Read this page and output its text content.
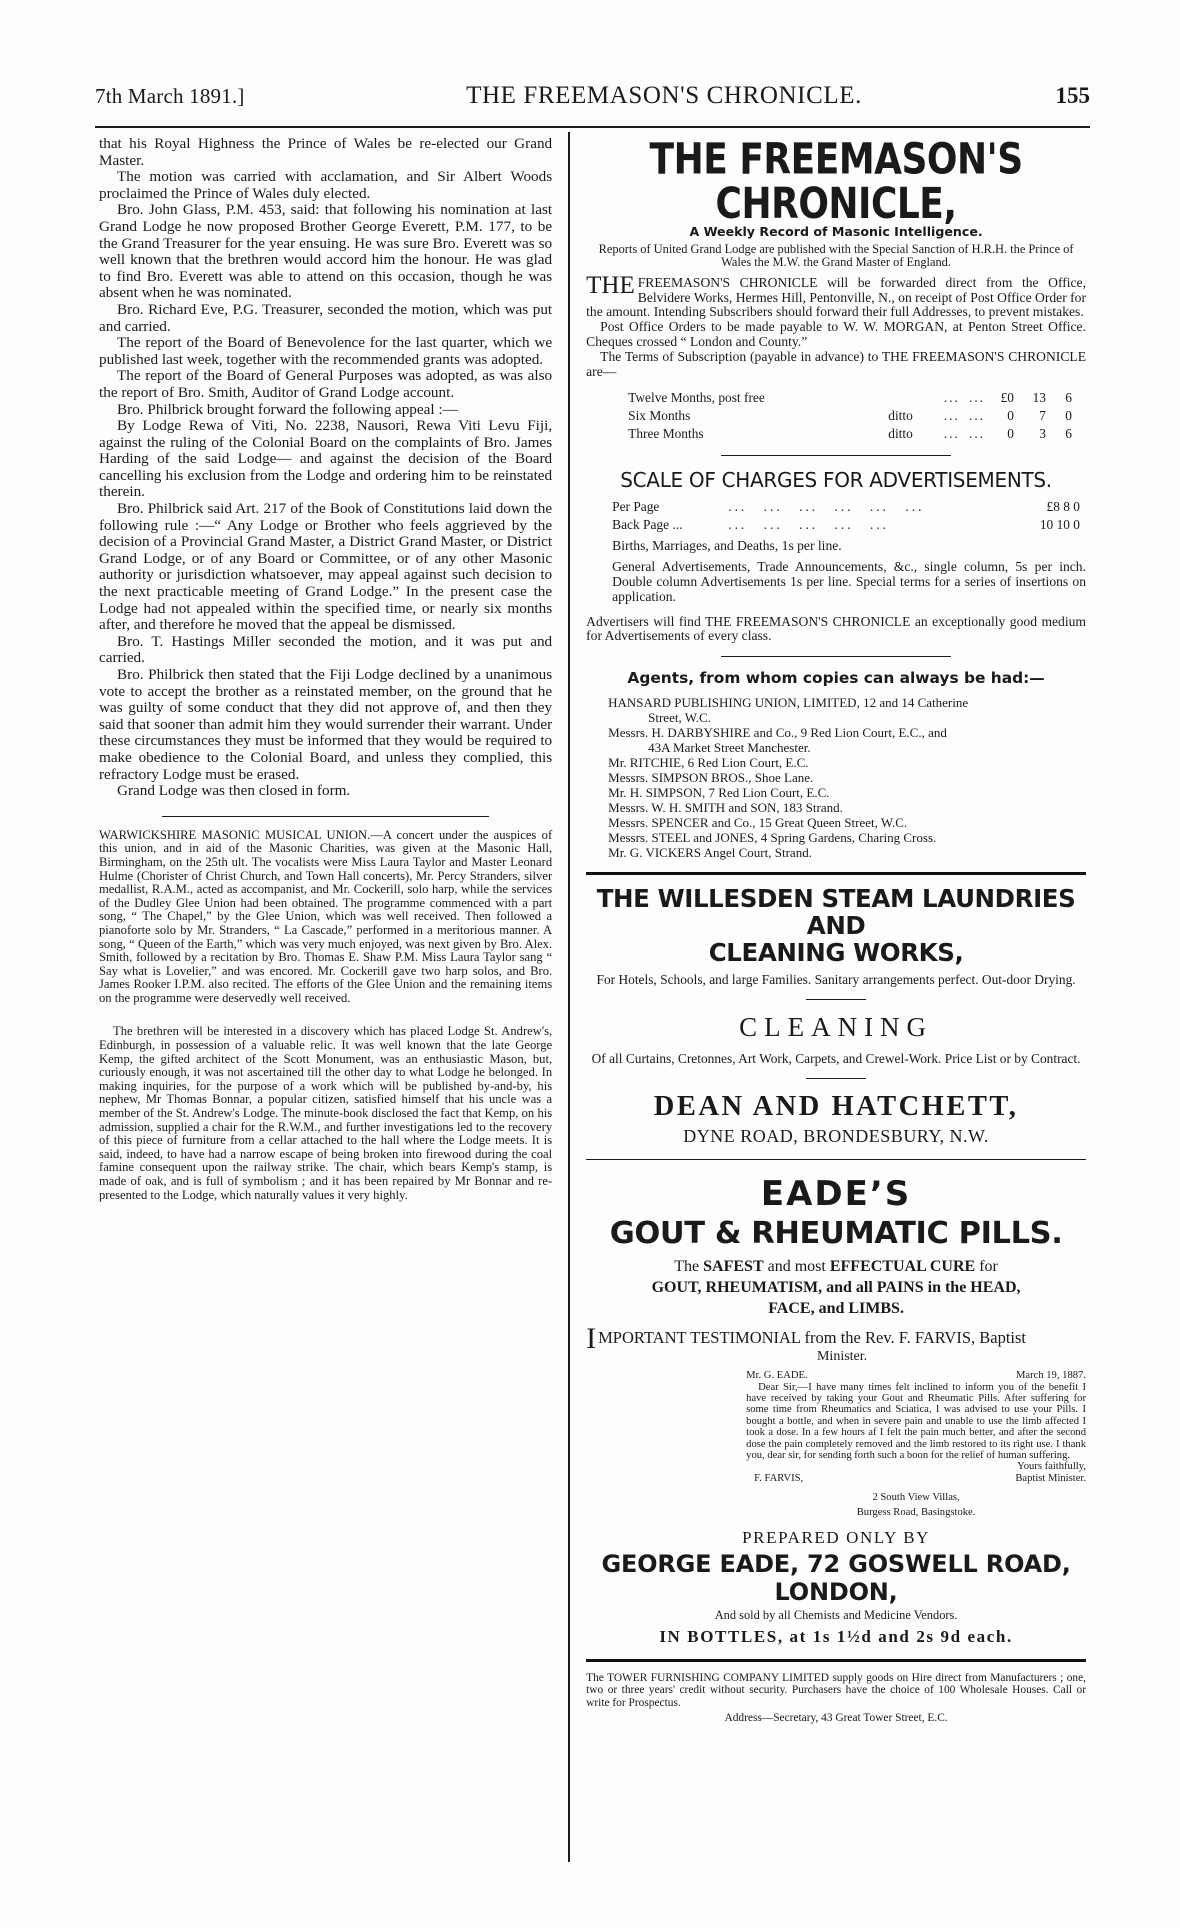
7th March 1891.]	THE FREEMASON'S CHRONICLE.	155

that his Royal Highness the Prince of Wales be re-elected our Grand Master.

The motion was carried with acclamation, and Sir Albert Woods proclaimed the Prince of Wales duly elected.

Bro. John Glass, P.M. 453, said: that following his nomination at last Grand Lodge he now proposed Brother George Everett, P.M. 177, to be the Grand Treasurer for the year ensuing. He was sure Bro. Everett was so well known that the brethren would accord him the honour. He was glad to find Bro. Everett was able to attend on this occasion, though he was absent when he was nominated.

Bro. Richard Eve, P.G. Treasurer, seconded the motion, which was put and carried.

The report of the Board of Benevolence for the last quarter, which we published last week, together with the recommended grants was adopted.

The report of the Board of General Purposes was adopted, as was also the report of Bro. Smith, Auditor of Grand Lodge account.

Bro. Philbrick brought forward the following appeal :—

By Lodge Rewa of Viti, No. 2238, Nausori, Rewa Viti Levu Fiji, against the ruling of the Colonial Board on the complaints of Bro. James Harding of the said Lodge— and against the decision of the Board cancelling his exclusion from the Lodge and ordering him to be reinstated therein.

Bro. Philbrick said Art. 217 of the Book of Constitutions laid down the following rule :—“ Any Lodge or Brother who feels aggrieved by the decision of a Provincial Grand Master, a District Grand Master, or District Grand Lodge, or of any Board or Committee, or of any other Masonic authority or jurisdiction whatsoever, may appeal against such decision to the next practicable meeting of Grand Lodge.” In the present case the Lodge had not appealed within the specified time, or nearly six months after, and therefore he moved that the appeal be dismissed.

Bro. T. Hastings Miller seconded the motion, and it was put and carried.

Bro. Philbrick then stated that the Fiji Lodge declined by a unanimous vote to accept the brother as a reinstated member, on the ground that he was guilty of some conduct that they did not approve of, and then they said that sooner than admit him they would surrender their warrant. Under these circumstances they must be informed that they would be required to make obedience to the Colonial Board, and unless they complied, this refractory Lodge must be erased.

Grand Lodge was then closed in form.

WARWICKSHIRE MASONIC MUSICAL UNION.—A concert under the auspices of this union, and in aid of the Masonic Charities, was given at the Masonic Hall, Birmingham, on the 25th ult. The vocalists were Miss Laura Taylor and Master Leonard Hulme (Chorister of Christ Church, and Town Hall concerts), Mr. Percy Stranders, silver medallist, R.A.M., acted as accompanist, and Mr. Cockerill, solo harp, while the services of the Dudley Glee Union had been obtained. The programme commenced with a part song, “ The Chapel,” by the Glee Union, which was well received. Then followed a pianoforte solo by Mr. Stranders, “ La Cascade,” performed in a meritorious manner. A song, “ Queen of the Earth,” which was very much enjoyed, was next given by Bro. Alex. Smith, followed by a recitation by Bro. Thomas E. Shaw P.M. Miss Laura Taylor sang “ Say what is Lovelier,” and was encored. Mr. Cockerill gave two harp solos, and Bro. James Rooker I.P.M. also recited. The efforts of the Glee Union and the remaining items on the programme were deservedly well received.

The brethren will be interested in a discovery which has placed Lodge St. Andrew's, Edinburgh, in possession of a valuable relic. It was well known that the late George Kemp, the gifted architect of the Scott Monument, was an enthusiastic Mason, but, curiously enough, it was not ascertained till the other day to what Lodge he belonged. In making inquiries, for the purpose of a work which will be published by-and-by, his nephew, Mr Thomas Bonnar, a popular citizen, satisfied himself that his uncle was a member of the St. Andrew's Lodge. The minute-book disclosed the fact that Kemp, on his admission, supplied a chair for the R.W.M., and further investigations led to the recovery of this piece of furniture from a cellar attached to the hall where the Lodge meets. It is said, indeed, to have had a narrow escape of being broken into firewood during the coal famine consequent upon the railway strike. The chair, which bears Kemp's stamp, is made of oak, and is full of symbolism ; and it has been repaired by Mr Bonnar and re-presented to the Lodge, which naturally values it very highly.

THE FREEMASON'S CHRONICLE,
A Weekly Record of Masonic Intelligence.
Reports of United Grand Lodge are published with the Special Sanction of H.R.H. the Prince of Wales the M.W. the Grand Master of England.

THE FREEMASON'S CHRONICLE will be forwarded direct from the Office, Belvidere Works, Hermes Hill, Pentonville, N., on receipt of Post Office Order for the amount. Intending Subscribers should forward their full Addresses, to prevent mistakes.

Post Office Orders to be made payable to W. W. MORGAN, at Penton Street Office. Cheques crossed “ London and County.”

The Terms of Subscription (payable in advance) to THE FREEMASON'S CHRONICLE are—

Twelve Months, post free		...	...	£0	13	6
Six Months	ditto	...	...	0	7	0
Three Months	ditto	...	...	0	3	6
SCALE OF CHARGES FOR ADVERTISEMENTS.
Per Page	... ... ... ... ... ...	£8 8 0
Back Page ...	... ... ... ... ...	10 10 0

Births, Marriages, and Deaths, 1s per line.

General Advertisements, Trade Announcements, &c., single column, 5s per inch. Double column Advertisements 1s per line. Special terms for a series of insertions on application.

Advertisers will find THE FREEMASON'S CHRONICLE an exceptionally good medium for Advertisements of every class.

Agents, from whom copies can always be had:—
HANSARD PUBLISHING UNION, LIMITED, 12 and 14 Catherine
Street, W.C.
Messrs. H. DARBYSHIRE and Co., 9 Red Lion Court, E.C., and
43A Market Street Manchester.
Mr. RITCHIE, 6 Red Lion Court, E.C.
Messrs. SIMPSON BROS., Shoe Lane.
Mr. H. SIMPSON, 7 Red Lion Court, E.C.
Messrs. W. H. SMITH and SON, 183 Strand.
Messrs. SPENCER and Co., 15 Great Queen Street, W.C.
Messrs. STEEL and JONES, 4 Spring Gardens, Charing Cross.
Mr. G. VICKERS Angel Court, Strand.
THE WILLESDEN STEAM LAUNDRIES AND
CLEANING WORKS,
For Hotels, Schools, and large Families. Sanitary arrangements perfect. Out-door Drying.
CLEANING
Of all Curtains, Cretonnes, Art Work, Carpets, and Crewel-Work. Price List or by Contract.
DEAN AND HATCHETT,
DYNE ROAD, BRONDESBURY, N.W.
EADE’S
GOUT & RHEUMATIC PILLS.
The SAFEST and most EFFECTUAL CURE for
GOUT, RHEUMATISM, and all PAINS in the HEAD,
FACE, and LIMBS.
IMPORTANT TESTIMONIAL from the Rev. F. FARVIS, Baptist
Minister.
Mr. G. EADE.	March 19, 1887.

Dear Sir,—I have many times felt inclined to inform you of the benefit I have received by taking your Gout and Rheumatic Pills. After suffering for some time from Rheumatics and Sciatica, I was advised to use your Pills. I bought a bottle, and when in severe pain and unable to use the limb affected I took a dose. In a few hours af I felt the pain much better, and after the second dose the pain completely removed and the limb restored to its right use. I thank you, dear sir, for sending forth such a boon for the relief of human suffering.

Yours faithfully,

F. FARVIS,	Baptist Minister.

2 South View Villas,

Burgess Road, Basingstoke.

PREPARED ONLY BY
GEORGE EADE, 72 GOSWELL ROAD, LONDON,
And sold by all Chemists and Medicine Vendors.
IN BOTTLES, at 1s 1½d and 2s 9d each.

The TOWER FURNISHING COMPANY LIMITED supply goods on Hire direct from Manufacturers ; one, two or three years' credit without security. Purchasers have the choice of 100 Wholesale Houses. Call or write for Prospectus.

Address—Secretary, 43 Great Tower Street, E.C.
